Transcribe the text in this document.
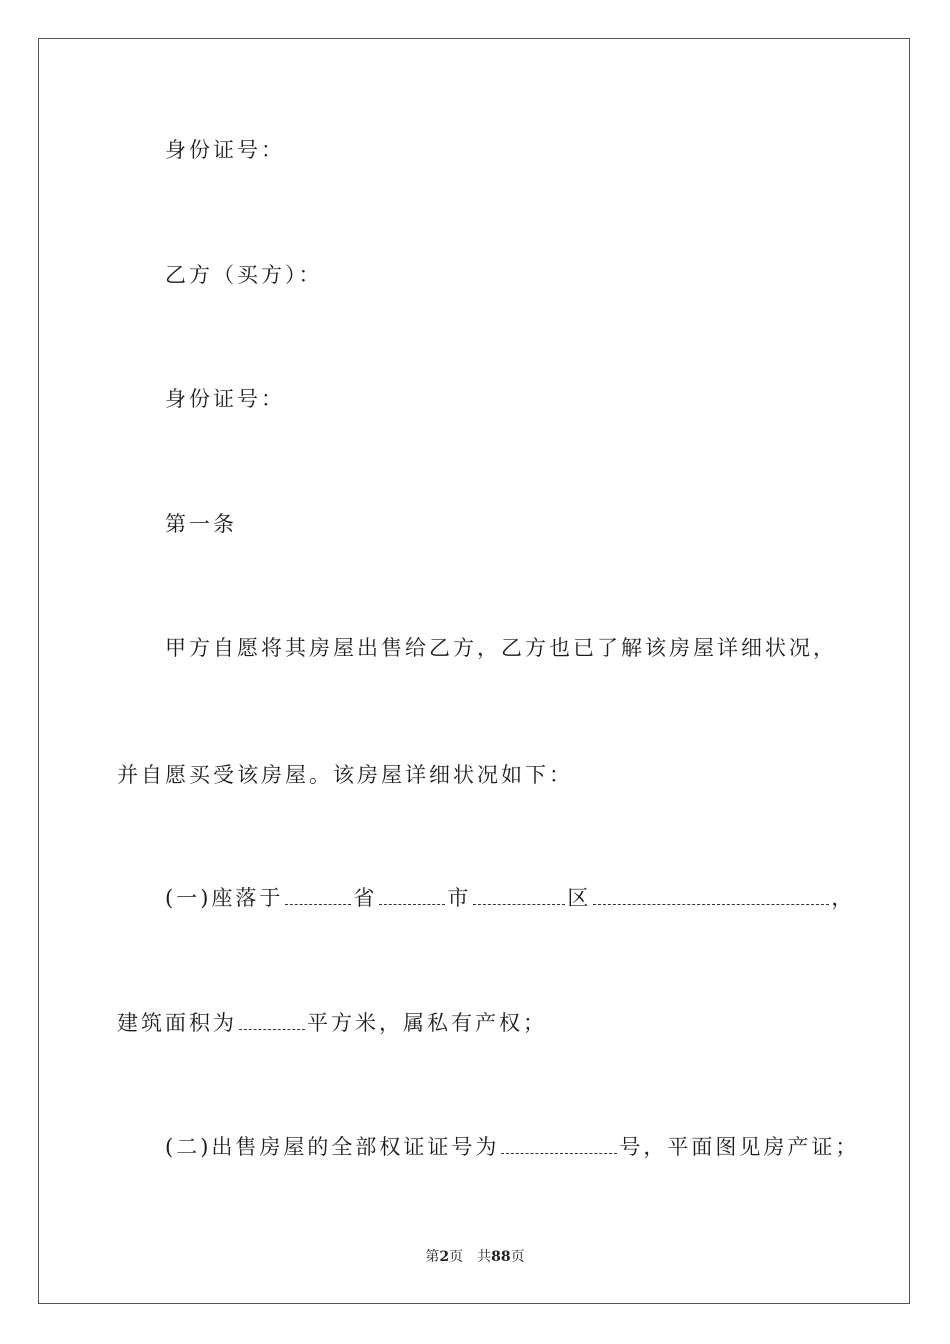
身份证号：
乙方（买方）：
身份证号：
第一条
甲方自愿将其房屋出售给乙方，乙方也已了解该房屋详细状况，
并自愿买受该房屋。该房屋详细状况如下：
(一)座落于	省	市	区	，
建筑面积为	平方米，属私有产权；
(二)出售房屋的全部权证证号为	号，平面图见房产证；
第2页 共88页
